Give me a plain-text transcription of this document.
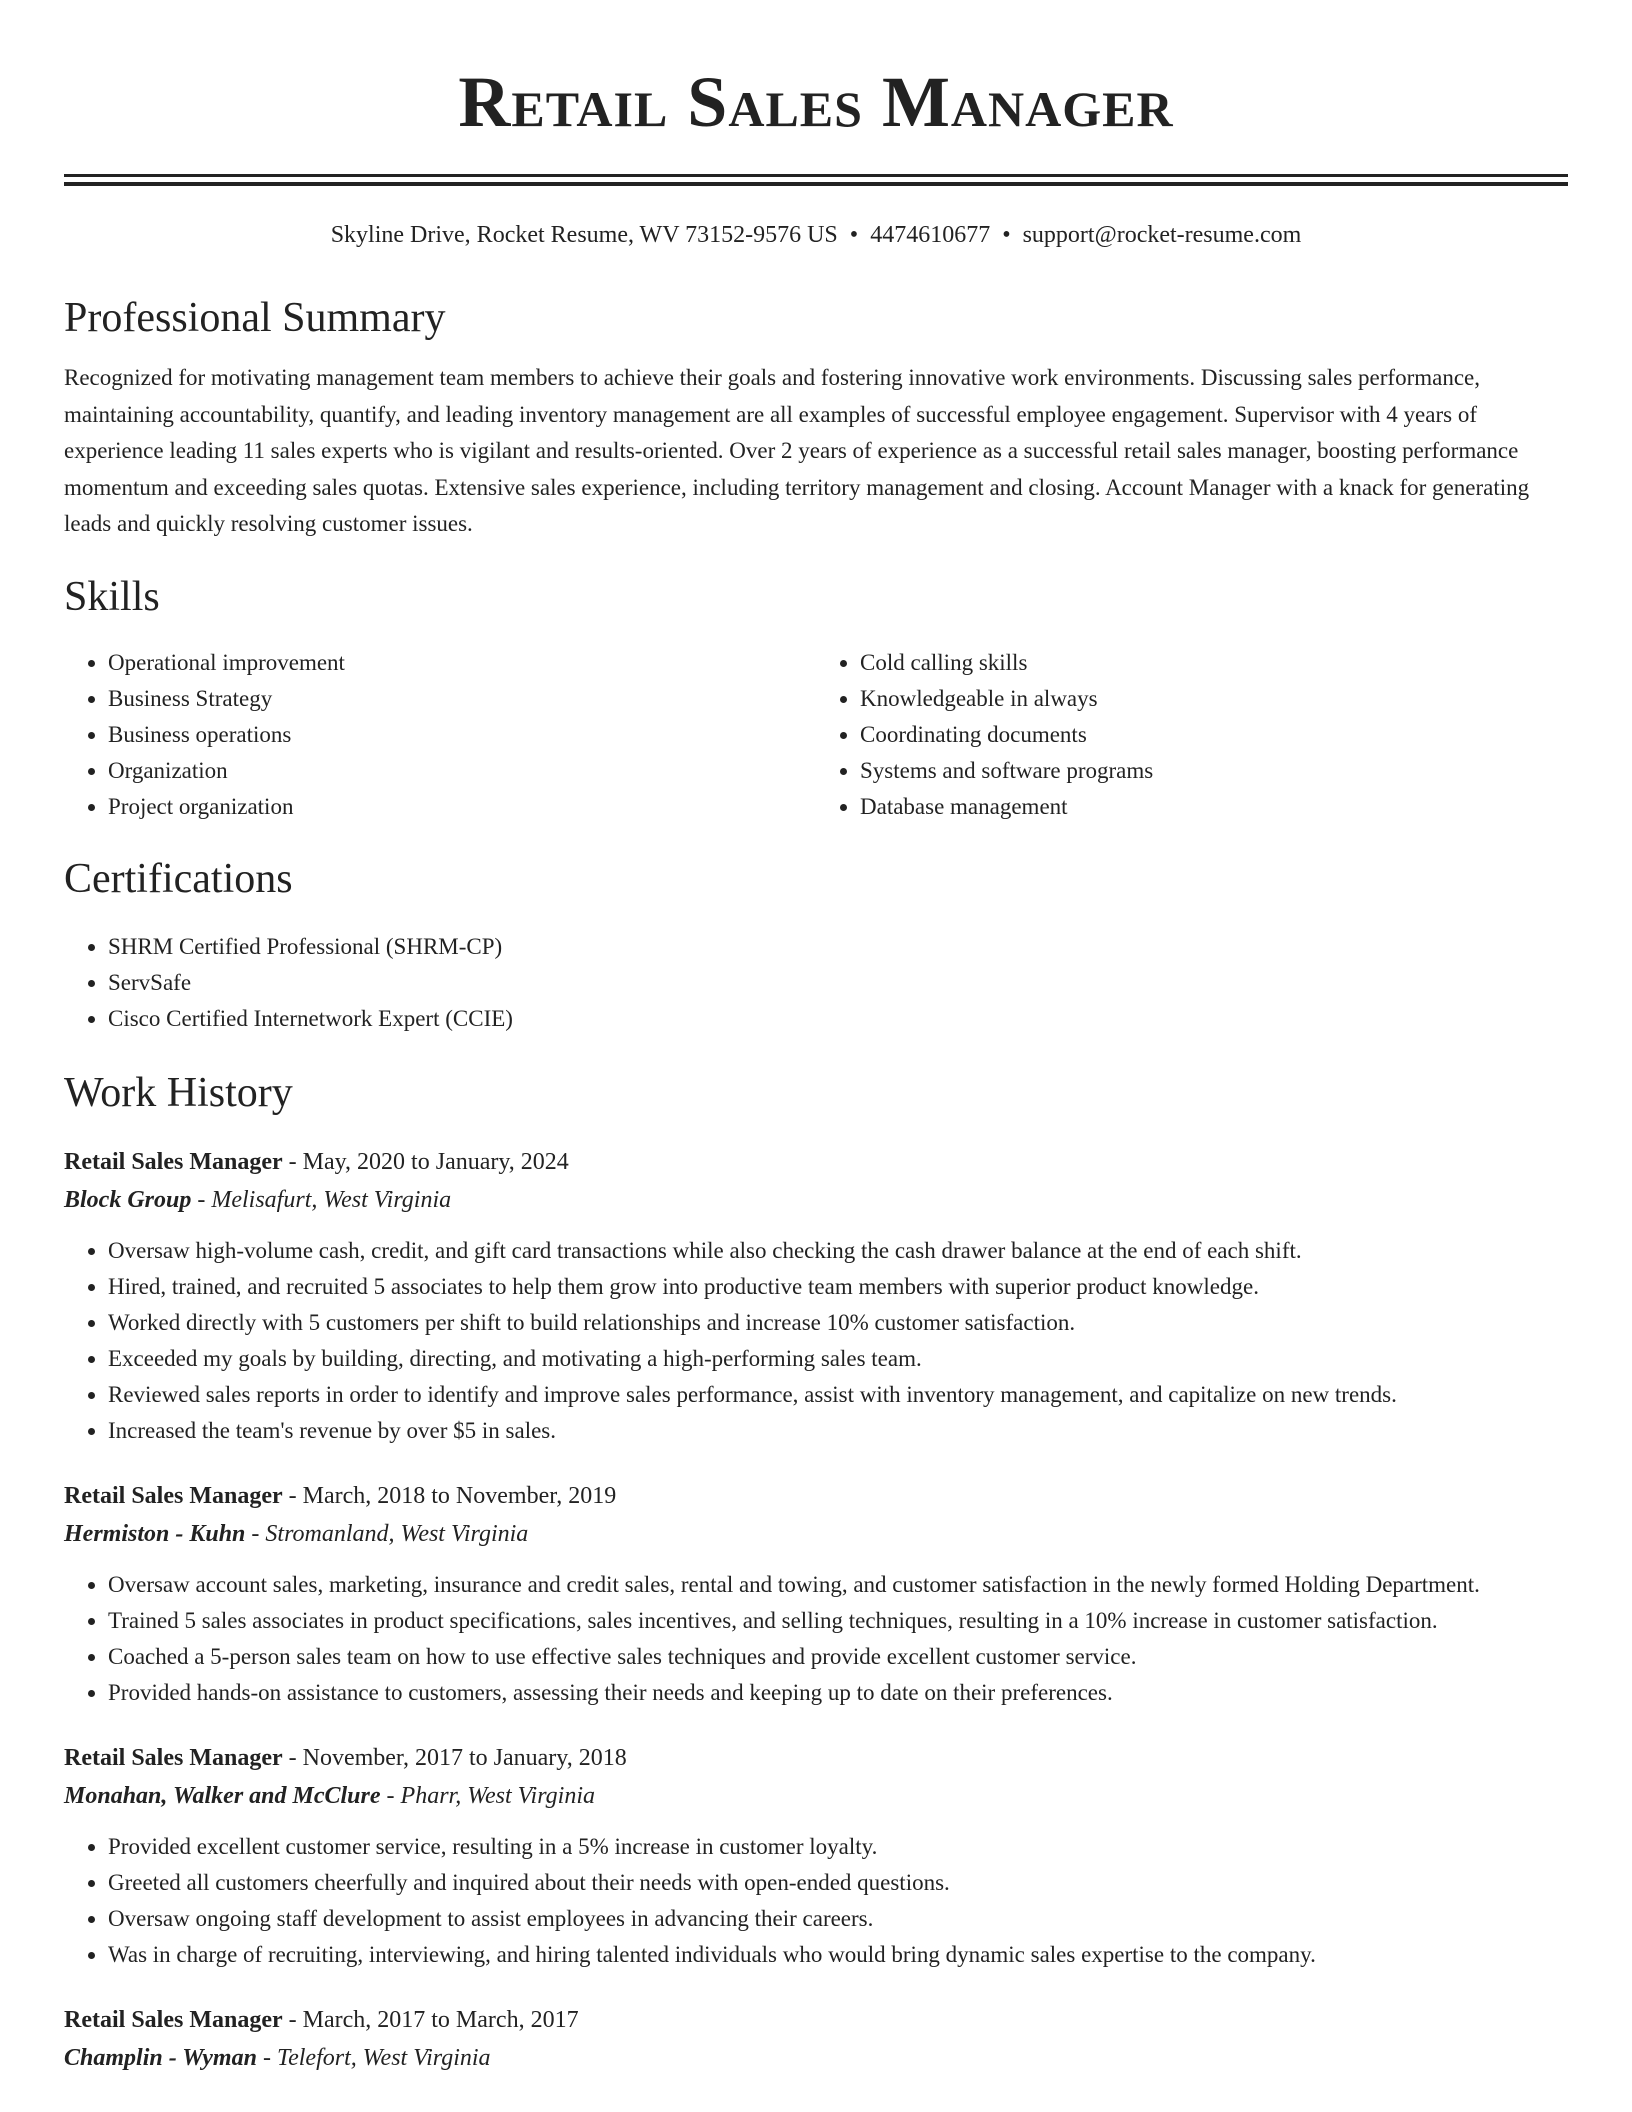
Retail Sales Manager
Skyline Drive, Rocket Resume, WV 73152-9576 US • 4474610677 • support@rocket-resume.com
Professional Summary

Recognized for motivating management team members to achieve their goals and fostering innovative work environments. Discussing sales performance, maintaining accountability, quantify, and leading inventory management are all examples of successful employee engagement. Supervisor with 4 years of experience leading 11 sales experts who is vigilant and results-oriented. Over 2 years of experience as a successful retail sales manager, boosting performance momentum and exceeding sales quotas. Extensive sales experience, including territory management and closing. Account Manager with a knack for generating leads and quickly resolving customer issues.

Skills
• Operational improvement
• Business Strategy
• Business operations
• Organization
• Project organization
• Cold calling skills
• Knowledgeable in always
• Coordinating documents
• Systems and software programs
• Database management
Certifications
• SHRM Certified Professional (SHRM-CP)
• ServSafe
• Cisco Certified Internetwork Expert (CCIE)
Work History
Retail Sales Manager - May, 2020 to January, 2024
Block Group - Melisafurt, West Virginia
• Oversaw high-volume cash, credit, and gift card transactions while also checking the cash drawer balance at the end of each shift.
• Hired, trained, and recruited 5 associates to help them grow into productive team members with superior product knowledge.
• Worked directly with 5 customers per shift to build relationships and increase 10% customer satisfaction.
• Exceeded my goals by building, directing, and motivating a high-performing sales team.
• Reviewed sales reports in order to identify and improve sales performance, assist with inventory management, and capitalize on new trends.
• Increased the team's revenue by over $5 in sales.
Retail Sales Manager - March, 2018 to November, 2019
Hermiston - Kuhn - Stromanland, West Virginia
• Oversaw account sales, marketing, insurance and credit sales, rental and towing, and customer satisfaction in the newly formed Holding Department.
• Trained 5 sales associates in product specifications, sales incentives, and selling techniques, resulting in a 10% increase in customer satisfaction.
• Coached a 5-person sales team on how to use effective sales techniques and provide excellent customer service.
• Provided hands-on assistance to customers, assessing their needs and keeping up to date on their preferences.
Retail Sales Manager - November, 2017 to January, 2018
Monahan, Walker and McClure - Pharr, West Virginia
• Provided excellent customer service, resulting in a 5% increase in customer loyalty.
• Greeted all customers cheerfully and inquired about their needs with open-ended questions.
• Oversaw ongoing staff development to assist employees in advancing their careers.
• Was in charge of recruiting, interviewing, and hiring talented individuals who would bring dynamic sales expertise to the company.
Retail Sales Manager - March, 2017 to March, 2017
Champlin - Wyman - Telefort, West Virginia
